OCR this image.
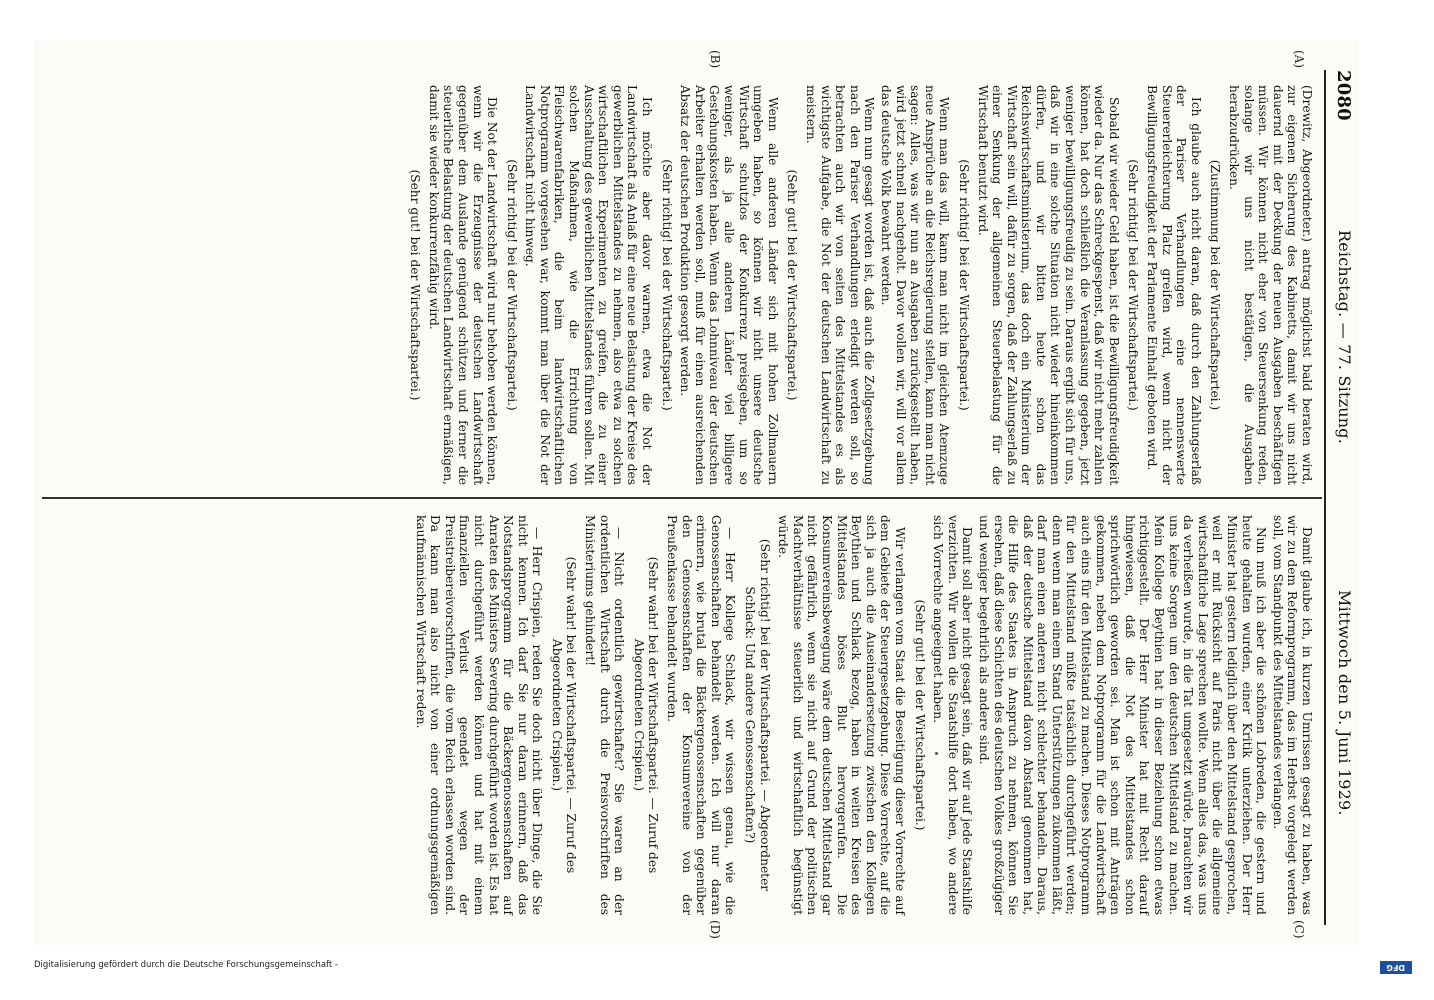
2080
Reichstag. — 77. Sitzung.
Mittwoch den 5. Juni 1929.
(A)
(B)
(C)
(D)

(Drewitz, Abgeordneter.) antrag möglichst bald beraten wird, zur eigenen Sicherung des Kabinetts, damit wir uns nicht dauernd mit der Deckung der neuen Ausgaben beschäftigen müssen. Wir können nicht eher von Steuersenkung reden, solange wir uns nicht bestätigen, die Ausgaben herabzudrücken.

(Zustimmung bei der Wirtschaftspartei.)

Ich glaube auch nicht daran, daß durch den Zahlungserlaß der Pariser Verhandlungen eine nennenswerte Steuererleichterung Platz greifen wird, wenn nicht der Bewilligungsfreudigkeit der Parlamente Einhalt geboten wird.

(Sehr richtig! bei der Wirtschaftspartei.)

Sobald wir wieder Geld haben, ist die Bewilligungsfreudigkeit wieder da. Nur das Schreckgespenst, daß wir nicht mehr zahlen können, hat doch schließlich die Veranlassung gegeben, jetzt weniger bewilligungsfreudig zu sein. Daraus ergibt sich für uns, daß wir in eine solche Situation nicht wieder hineinkommen dürfen, und wir bitten heute schon das Reichswirtschaftsministerium, das doch ein Ministerium der Wirtschaft sein will, dafür zu sorgen, daß der Zahlungserlaß zu einer Senkung der allgemeinen Steuerbelastung für die Wirtschaft benutzt wird.

(Sehr richtig! bei der Wirtschaftspartei.)

Wenn man das will, kann man nicht im gleichen Atemzuge neue Ansprüche an die Reichsregierung stellen, kann man nicht sagen: Alles, was wir nun an Ausgaben zurückgestellt haben, wird jetzt schnell nachgeholt. Davor wollen wir, will vor allem das deutsche Volk bewahrt werden.

Wenn nun gesagt worden ist, daß auch die Zollgesetzgebung nach den Pariser Verhandlungen erledigt werden soll, so betrachten auch wir von seiten des Mittelstandes es als wichtigste Aufgabe, die Not der deutschen Landwirtschaft zu meistern.

(Sehr gut! bei der Wirtschaftspartei.)

Wenn alle anderen Länder sich mit hohen Zollmauern umgeben haben, so können wir nicht unsere deutsche Wirtschaft schutzlos der Konkurrenz preisgeben, um so weniger, als ja alle anderen Länder viel billigere Gestehungskosten haben. Wenn das Lohnniveau der deutschen Arbeiter erhalten werden soll, muß für einen ausreichenden Absatz der deutschen Produktion gesorgt werden.

(Sehr richtig! bei der Wirtschaftspartei.)

Ich möchte aber davor warnen, etwa die Not der Landwirtschaft als Anlaß für eine neue Belastung der Kreise des gewerblichen Mittelstandes zu nehmen, also etwa zu solchen wirtschaftlichen Experimenten zu greifen, die zu einer Ausschaltung des gewerblichen Mittelstandes führen sollen. Mit solchen Maßnahmen, wie die Errichtung von Fleischwarenfabriken, die beim landwirtschaftlichen Notprogramm vorgesehen war, kommt man über die Not der Landwirtschaft nicht hinweg.

(Sehr richtig! bei der Wirtschaftspartei.)

Die Not der Landwirtschaft wird nur behoben werden können, wenn wir die Erzeugnisse der deutschen Landwirtschaft gegenüber dem Auslande genügend schützen und ferner die steuerliche Belastung der deutschen Landwirtschaft ermäßigen, damit sie wieder konkurrenzfähig wird.

(Sehr gut! bei der Wirtschaftspartei.)

Damit glaube ich, in kurzen Umrissen gesagt zu haben, was wir zu dem Reformprogramm, das im Herbst vorgelegt werden soll, vom Standpunkt des Mittelstandes verlangen.

Nun muß ich aber die schönen Lobreden, die gestern und heute gehalten wurden, einer Kritik unterziehen. Der Herr Minister hat gestern lediglich über den Mittelstand gesprochen, weil er mit Rücksicht auf Paris nicht über die allgemeine wirtschaftliche Lage sprechen wollte. Wenn alles das, was uns da verheißen wurde, in die Tat umgesetzt würde, brauchten wir uns keine Sorgen um den deutschen Mittelstand zu machen. Mein Kollege Beythien hat in dieser Beziehung schon etwas richtiggestellt. Der Herr Minister hat mit Recht darauf hingewiesen, daß die Not des Mittelstandes schon sprichwörtlich geworden sei. Man ist schon mit Anträgen gekommen, neben dem Notprogramm für die Landwirtschaft auch eins für den Mittelstand zu machen. Dieses Notprogramm für den Mittelstand müßte tatsächlich durchgeführt werden; denn wenn man einem Stand Unterstützungen zukommen läßt, darf man einen anderen nicht schlechter behandeln. Daraus, daß der deutsche Mittelstand davon Abstand genommen hat, die Hilfe des Staates in Anspruch zu nehmen, können Sie ersehen, daß diese Schichten des deutschen Volkes großzügiger und weniger begehrlich als andere sind.

Damit soll aber nicht gesagt sein, daß wir auf jede Staatshilfe verzichten. Wir wollen die Staatshilfe dort haben, wo andere sich Vorrechte angeeignet haben.

(Sehr gut! bei der Wirtschaftspartei.)

Wir verlangen vom Staat die Beseitigung dieser Vorrechte auf dem Gebiete der Steuergesetzgebung. Diese Vorrechte, auf die sich ja auch die Auseinandersetzung zwischen den Kollegen Beythien und Schlack bezog, haben in weiten Kreisen des Mittelstandes böses Blut hervorgerufen. Die Konsumvereinsbewegung wäre dem deutschen Mittelstand gar nicht gefährlich, wenn sie nicht auf Grund der politischen Machtverhältnisse steuerlich und wirtschaftlich begünstigt würde.

(Sehr richtig! bei der Wirtschaftspartei. — Abgeordneter Schlack: Und andere Genossenschaften?)

— Herr Kollege Schlack, wir wissen genau, wie die Genossenschaften behandelt werden. Ich will nur daran erinnern, wie brutal die Bäckergenossenschaften gegenüber den Genossenschaften der Konsumvereine von der Preußenkasse behandelt wurden.

(Sehr wahr! bei der Wirtschaftspartei. — Zuruf des Abgeordneten Crispien.)

— Nicht ordentlich gewirtschaftet? Sie waren an der ordentlichen Wirtschaft durch die Preisvorschriften des Ministeriums gehindert!

(Sehr wahr! bei der Wirtschaftspartei. — Zuruf des Abgeordneten Crispien.)

— Herr Crispien, reden Sie doch nicht über Dinge, die Sie nicht kennen. Ich darf Sie nur daran erinnern, daß das Notstandsprogramm für die Bäckergenossenschaften auf Anraten des Ministers Severing durchgeführt worden ist. Es hat nicht durchgeführt werden können und hat mit einem finanziellen Verlust geendet wegen der Preistreibereivorschriften, die vom Reich erlassen worden sind. Da kann man also nicht von einer ordnungsgemäßigen kaufmännischen Wirtschaft reden.

DFG
Digitalisierung gefördert durch die Deutsche Forschungsgemeinschaft -
